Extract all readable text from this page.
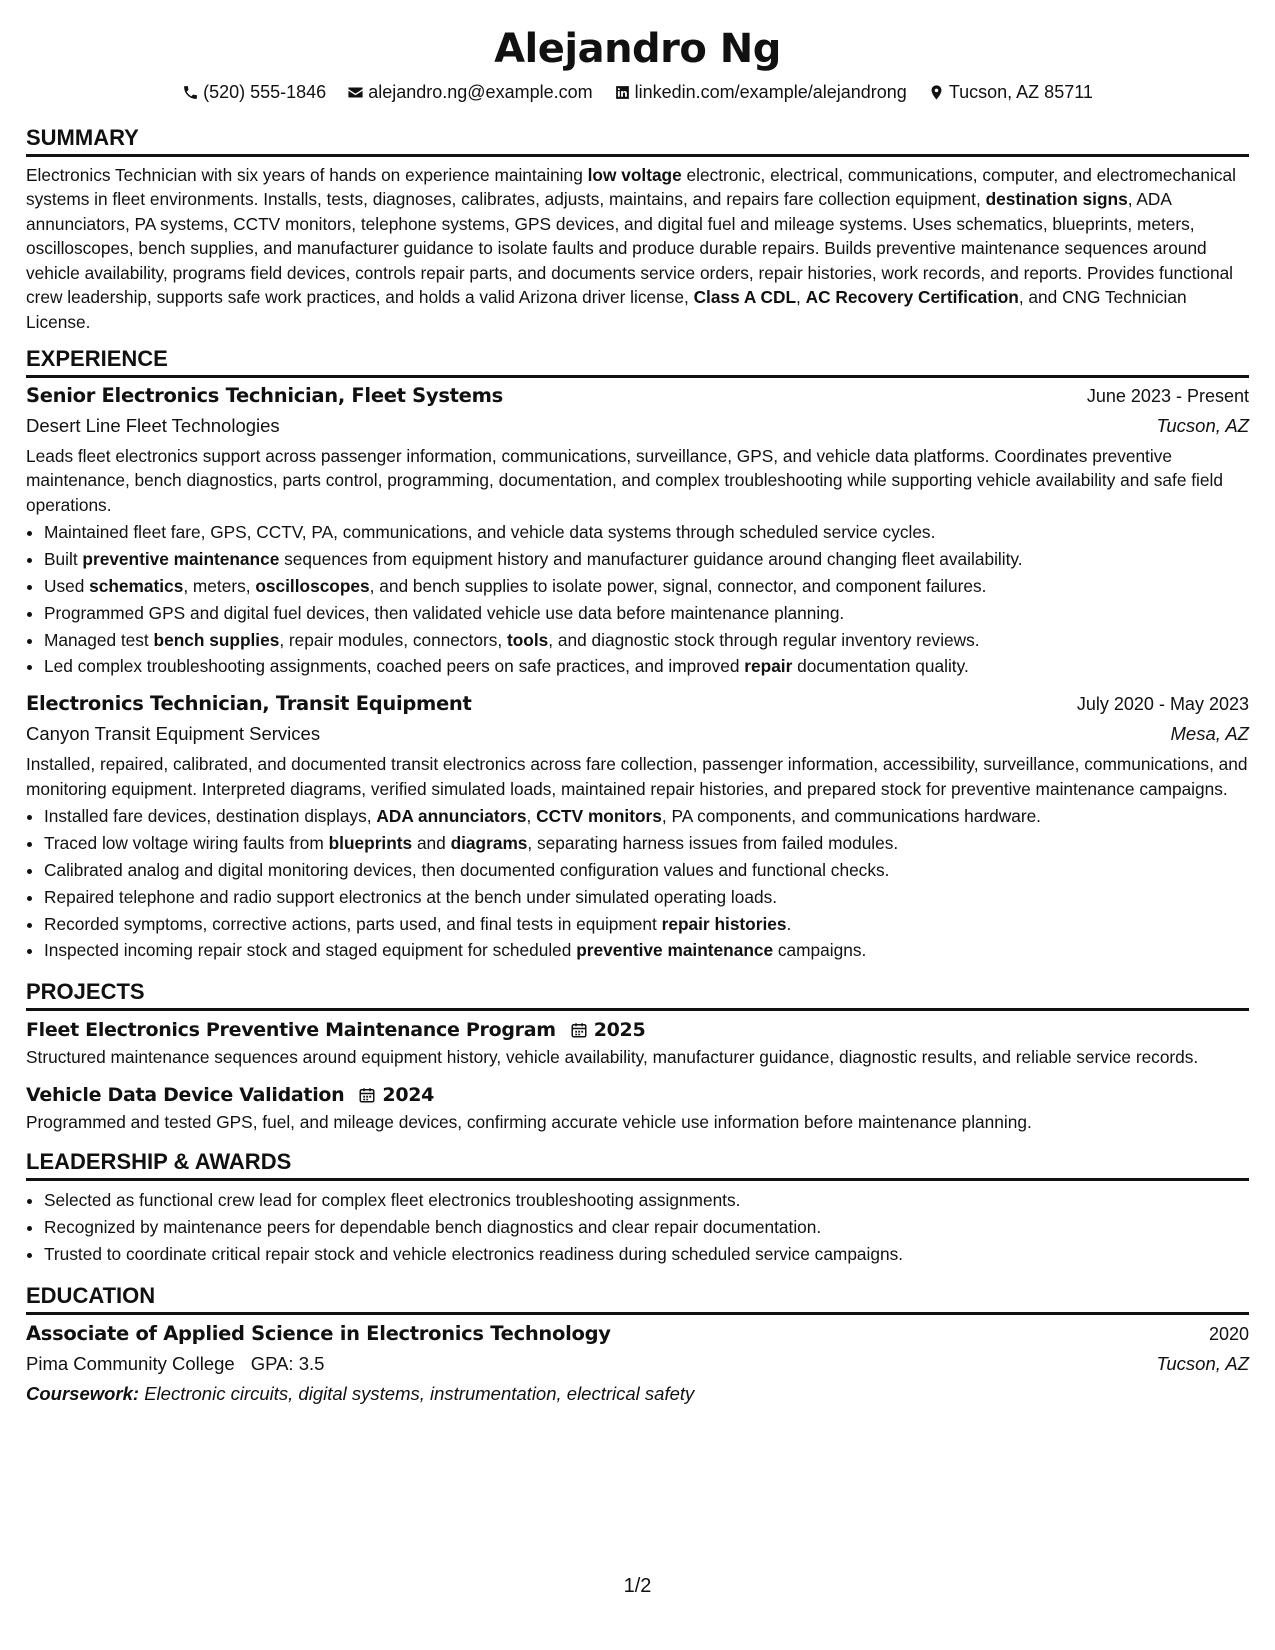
Alejandro Ng
(520) 555-1846
alejandro.ng@example.com
linkedin.com/example/alejandrong
Tucson, AZ 85711
SUMMARY

Electronics Technician with six years of hands on experience maintaining low voltage electronic, electrical, communications, computer, and electromechanical systems in fleet environments. Installs, tests, diagnoses, calibrates, adjusts, maintains, and repairs fare collection equipment, destination signs, ADA annunciators, PA systems, CCTV monitors, telephone systems, GPS devices, and digital fuel and mileage systems. Uses schematics, blueprints, meters, oscilloscopes, bench supplies, and manufacturer guidance to isolate faults and produce durable repairs. Builds preventive maintenance sequences around vehicle availability, programs field devices, controls repair parts, and documents service orders, repair histories, work records, and reports. Provides functional crew leadership, supports safe work practices, and holds a valid Arizona driver license, Class A CDL, AC Recovery Certification, and CNG Technician License.

EXPERIENCE
Senior Electronics Technician, Fleet Systems	June 2023 - Present
Desert Line Fleet Technologies	Tucson, AZ

Leads fleet electronics support across passenger information, communications, surveillance, GPS, and vehicle data platforms. Coordinates preventive maintenance, bench diagnostics, parts control, programming, documentation, and complex troubleshooting while supporting vehicle availability and safe field operations.

• Maintained fleet fare, GPS, CCTV, PA, communications, and vehicle data systems through scheduled service cycles.
• Built preventive maintenance sequences from equipment history and manufacturer guidance around changing fleet availability.
• Used schematics, meters, oscilloscopes, and bench supplies to isolate power, signal, connector, and component failures.
• Programmed GPS and digital fuel devices, then validated vehicle use data before maintenance planning.
• Managed test bench supplies, repair modules, connectors, tools, and diagnostic stock through regular inventory reviews.
• Led complex troubleshooting assignments, coached peers on safe practices, and improved repair documentation quality.
Electronics Technician, Transit Equipment	July 2020 - May 2023
Canyon Transit Equipment Services	Mesa, AZ

Installed, repaired, calibrated, and documented transit electronics across fare collection, passenger information, accessibility, surveillance, communications, and monitoring equipment. Interpreted diagrams, verified simulated loads, maintained repair histories, and prepared stock for preventive maintenance campaigns.

• Installed fare devices, destination displays, ADA annunciators, CCTV monitors, PA components, and communications hardware.
• Traced low voltage wiring faults from blueprints and diagrams, separating harness issues from failed modules.
• Calibrated analog and digital monitoring devices, then documented configuration values and functional checks.
• Repaired telephone and radio support electronics at the bench under simulated operating loads.
• Recorded symptoms, corrective actions, parts used, and final tests in equipment repair histories.
• Inspected incoming repair stock and staged equipment for scheduled preventive maintenance campaigns.
PROJECTS
Fleet Electronics Preventive Maintenance Program 2025

Structured maintenance sequences around equipment history, vehicle availability, manufacturer guidance, diagnostic results, and reliable service records.

Vehicle Data Device Validation 2024

Programmed and tested GPS, fuel, and mileage devices, confirming accurate vehicle use information before maintenance planning.

LEADERSHIP & AWARDS
• Selected as functional crew lead for complex fleet electronics troubleshooting assignments.
• Recognized by maintenance peers for dependable bench diagnostics and clear repair documentation.
• Trusted to coordinate critical repair stock and vehicle electronics readiness during scheduled service campaigns.
EDUCATION
Associate of Applied Science in Electronics Technology	2020
Pima Community College GPA: 3.5	Tucson, AZ
Coursework: Electronic circuits, digital systems, instrumentation, electrical safety
1/2
